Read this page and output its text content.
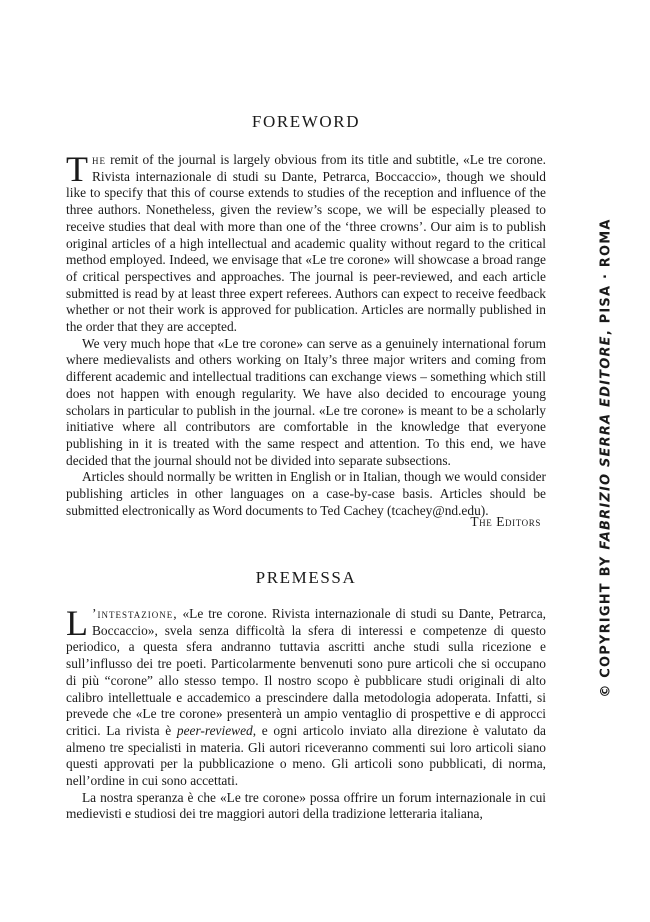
FOREWORD

The remit of the journal is largely obvious from its title and subtitle, «Le tre corone. Rivista internazionale di studi su Dante, Petrarca, Boccaccio», though we should like to specify that this of course extends to studies of the reception and influence of the three authors. Nonetheless, given the review’s scope, we will be especially pleased to receive studies that deal with more than one of the ‘three crowns’. Our aim is to publish original articles of a high intellectual and academic quality without regard to the critical method employed. Indeed, we envisage that «Le tre corone» will showcase a broad range of critical perspectives and approaches. The journal is peer-reviewed, and each article submitted is read by at least three expert referees. Authors can expect to receive feedback whether or not their work is approved for publication. Articles are normally published in the order that they are accepted.

We very much hope that «Le tre corone» can serve as a genuinely international forum where medievalists and others working on Italy’s three major writers and coming from different academic and intellectual traditions can exchange views – something which still does not happen with enough regularity. We have also decided to encourage young scholars in particular to publish in the journal. «Le tre corone» is meant to be a scholarly initiative where all contributors are comfortable in the knowledge that everyone publishing in it is treated with the same respect and attention. To this end, we have decided that the journal should not be divided into separate subsections.

Articles should normally be written in English or in Italian, though we would consider publishing articles in other languages on a case-by-case basis. Articles should be submitted electronically as Word documents to Ted Cachey (tcachey@nd.edu).

The Editors
PREMESSA

L ’intestazione, «Le tre corone. Rivista internazionale di studi su Dante, Petrarca, Boccaccio», svela senza difficoltà la sfera di interessi e competenze di questo periodico, a questa sfera andranno tuttavia ascritti anche studi sulla ricezione e sull’influsso dei tre poeti. Particolarmente benvenuti sono pure articoli che si occupano di più “corone” allo stesso tempo. Il nostro scopo è pubblicare studi originali di alto calibro intellettuale e accademico a prescindere dalla metodologia adoperata. Infatti, si prevede che «Le tre corone» presenterà un ampio ventaglio di prospettive e di approcci critici. La rivista è peer-reviewed, e ogni articolo inviato alla direzione è valutato da almeno tre specialisti in materia. Gli autori riceveranno commenti sui loro articoli siano questi approvati per la pubblicazione o meno. Gli articoli sono pubblicati, di norma, nell’ordine in cui sono accettati.

La nostra speranza è che «Le tre corone» possa offrire un forum internazionale in cui medievisti e studiosi dei tre maggiori autori della tradizione letteraria italiana,

© COPYRIGHT BY FABRIZIO SERRA EDITORE, PISA · ROMA
